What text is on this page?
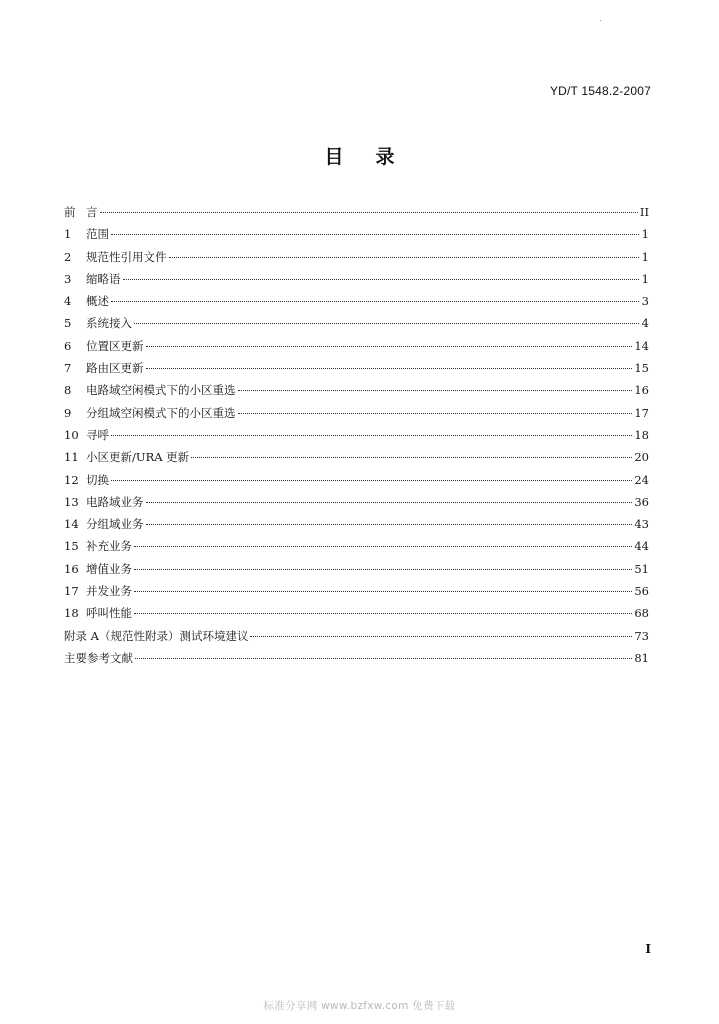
YD/T 1548.2-2007
目 录
前 言	II
1	范围	1
2	规范性引用文件	1
3	缩略语	1
4	概述	3
5	系统接入	4
6	位置区更新	14
7	路由区更新	15
8	电路域空闲模式下的小区重选	16
9	分组域空闲模式下的小区重选	17
10 寻呼	18
11 小区更新/URA 更新	20
12 切换	24
13 电路域业务	36
14 分组域业务	43
15 补充业务	44
16 增值业务	51
17 并发业务	56
18 呼叫性能	68
附录 A（规范性附录）测试环境建议	73
主要参考文献	81
I
标准分享网 www.bzfxw.com 免费下载
